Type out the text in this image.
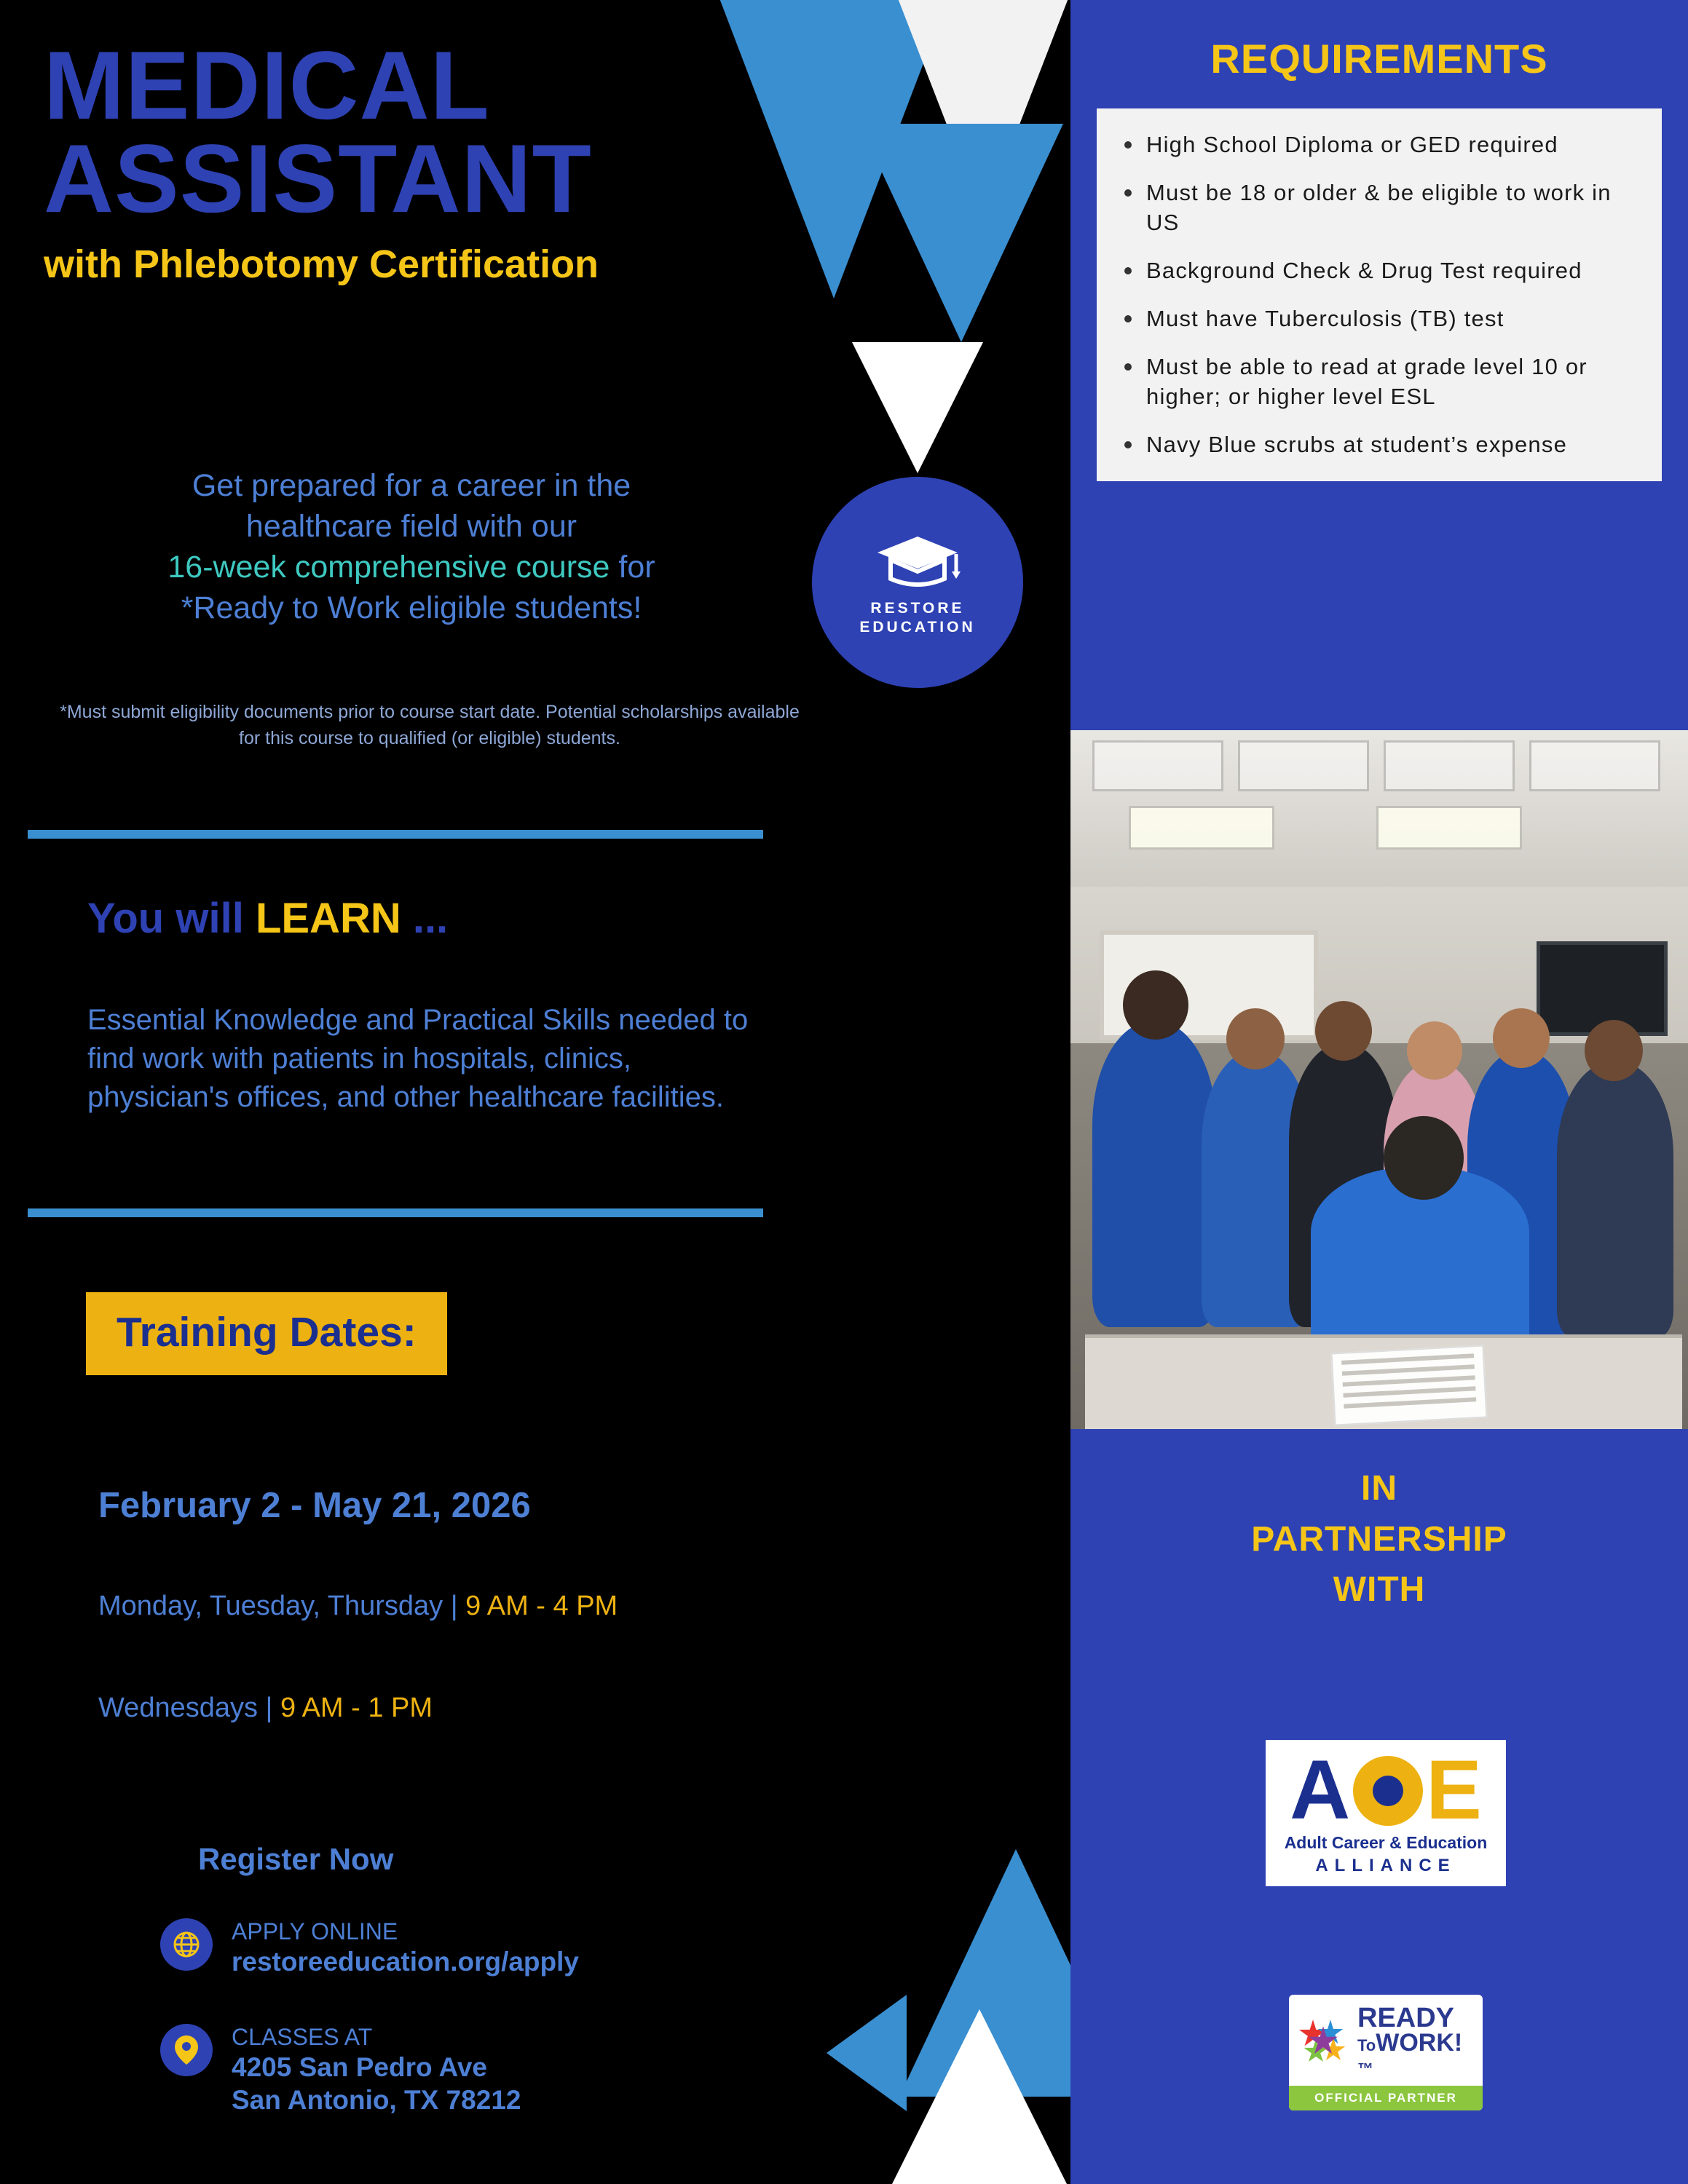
MEDICAL
ASSISTANT
with Phlebotomy Certification
Get prepared for a career in the
healthcare field with our
16-week comprehensive course for
*Ready to Work eligible students!
*Must submit eligibility documents prior to course start date. Potential scholarships available for this course to qualified (or eligible) students.
RESTORE
EDUCATION
You will LEARN ...
Essential Knowledge and Practical Skills needed to find work with patients in hospitals, clinics, physician's offices, and other healthcare facilities.
Training Dates:
February 2 - May 21, 2026
Monday, Tuesday, Thursday | 9 AM - 4 PM
Wednesdays | 9 AM - 1 PM
Register Now
APPLY ONLINE
restoreeducation.org/apply
CLASSES AT
4205 San Pedro Ave
San Antonio, TX 78212
REQUIREMENTS
High School Diploma or GED required
Must be 18 or older & be eligible to work in US
Background Check & Drug Test required
Must have Tuberculosis (TB) test
Must be able to read at grade level 10 or higher; or higher level ESL
Navy Blue scrubs at student’s expense
IN
PARTNERSHIP
WITH
A E
Adult Career & Education
ALLIANCE
READY
ToWORK!™
OFFICIAL PARTNER
